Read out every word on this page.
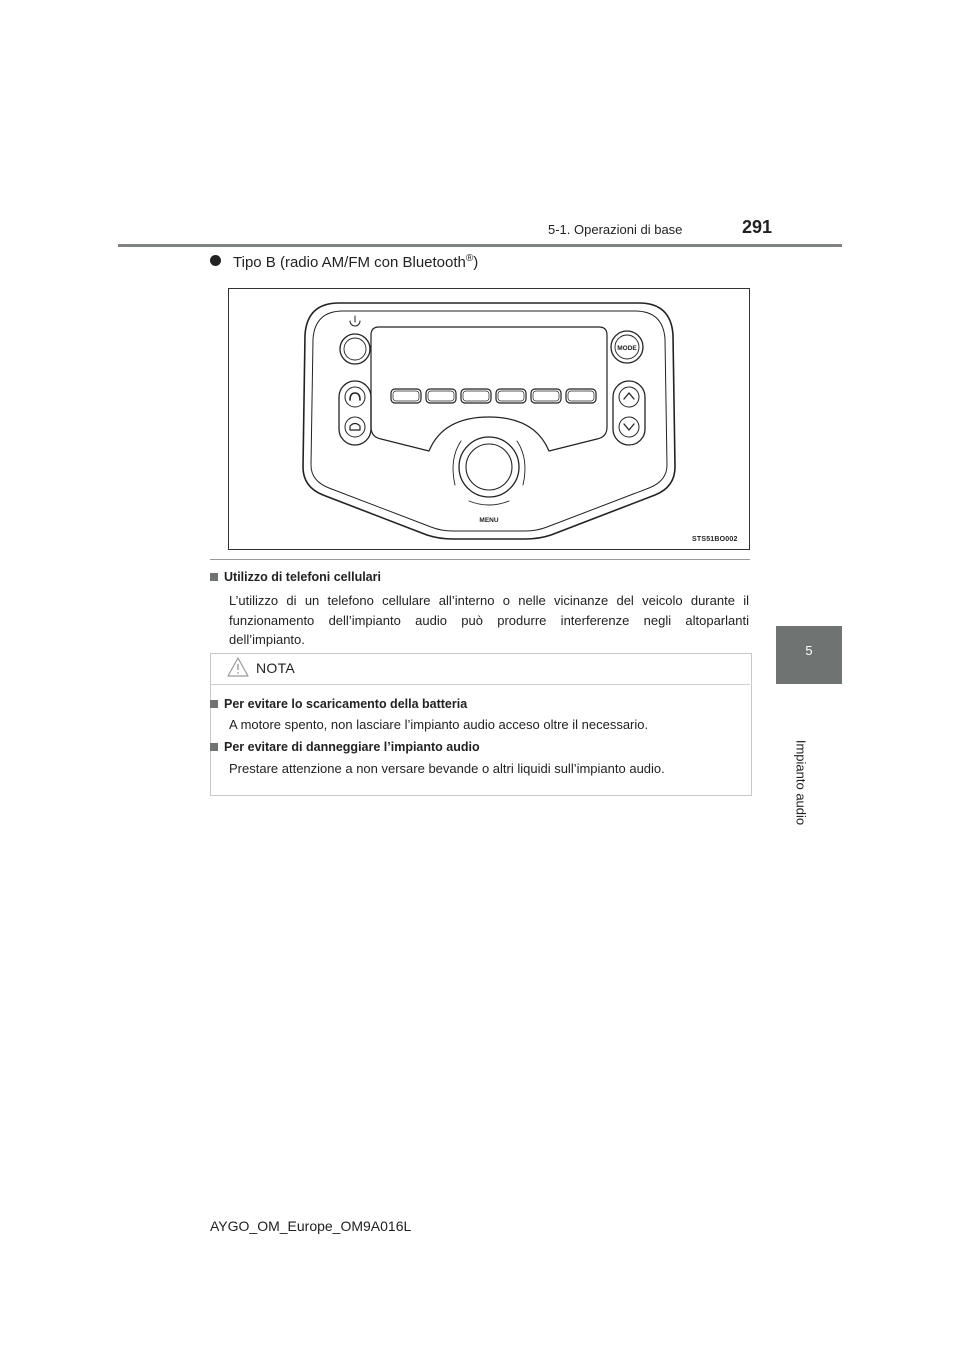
5-1. Operazioni di base	291
5
Impianto audio
Tipo B (radio AM/FM con Bluetooth®)
MODE
MENU
STS51BO002
Utilizzo di telefoni cellulari
L’utilizzo di un telefono cellulare all’interno o nelle vicinanze del veicolo durante il funzionamento dell’impianto audio può produrre interferenze negli altoparlanti dell’impianto.
NOTA
Per evitare lo scaricamento della batteria
A motore spento, non lasciare l’impianto audio acceso oltre il necessario.
Per evitare di danneggiare l’impianto audio
Prestare attenzione a non versare bevande o altri liquidi sull’impianto audio.
AYGO_OM_Europe_OM9A016L
